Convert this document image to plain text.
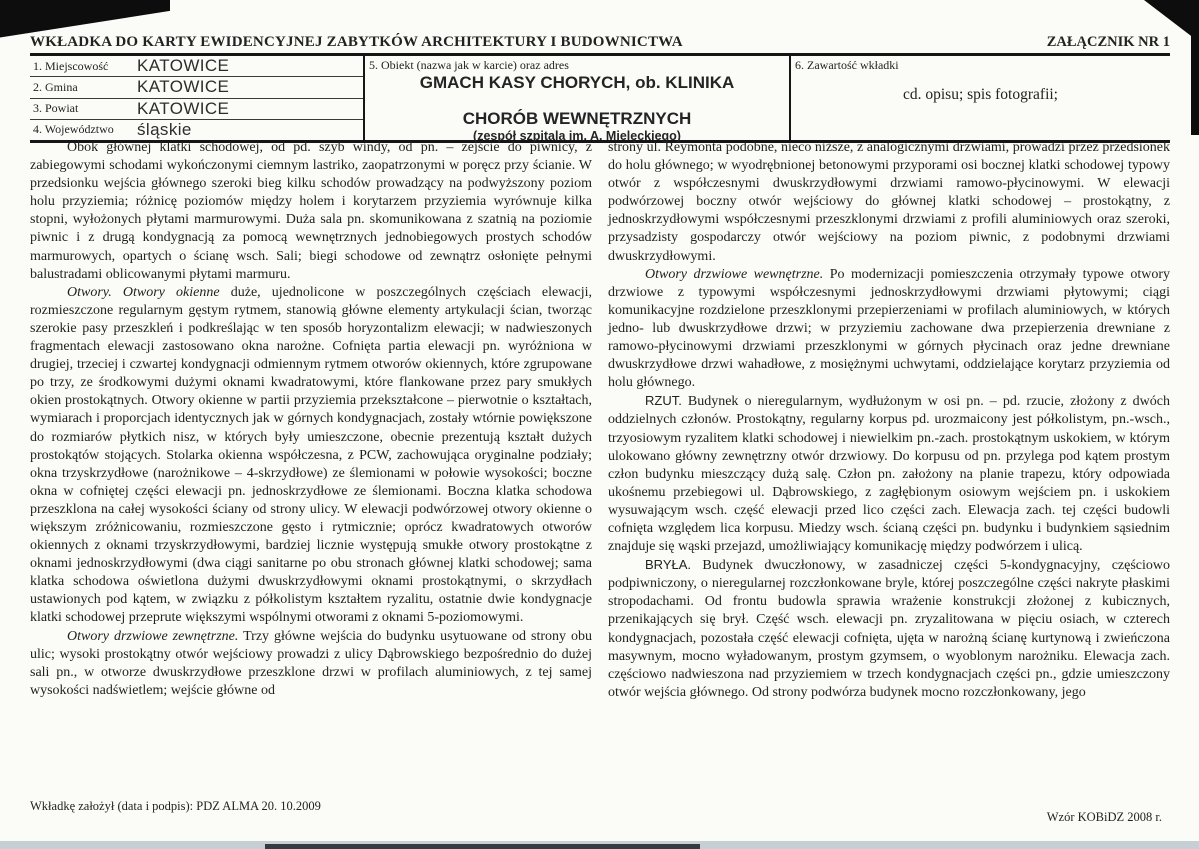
WKŁADKA DO KARTY EWIDENCYJNEJ ZABYTKÓW ARCHITEKTURY I BUDOWNICTWA	ZAŁĄCZNIK NR 1
1. Miejscowość	KATOWICE
2. Gmina	KATOWICE
3. Powiat	KATOWICE
4. Województwo	śląskie
5. Obiekt (nazwa jak w karcie) oraz adres
GMACH KASY CHORYCH, ob. KLINIKA
CHORÓB WEWNĘTRZNYCH
(zespół szpitala im. A. Mielęckiego)
6. Zawartość wkładki
cd. opisu; spis fotografii;

Obok głównej klatki schodowej, od pd. szyb windy, od pn. – zejście do piwnicy, z zabiegowymi schodami wykończonymi ciemnym lastriko, zaopatrzonymi w poręcz przy ścianie. W przedsionku wejścia głównego szeroki bieg kilku schodów prowadzący na podwyższony poziom holu przyziemia; różnicę poziomów między holem i korytarzem przyziemia wyrównuje kilka stopni, wyłożonych płytami marmurowymi. Duża sala pn. skomunikowana z szatnią na poziomie piwnic i z drugą kondygnacją za pomocą wewnętrznych jednobiegowych prostych schodów marmurowych, opartych o ścianę wsch. Sali; biegi schodowe od zewnątrz osłonięte pełnymi balustradami oblicowanymi płytami marmuru.

Otwory. Otwory okienne duże, ujednolicone w poszczególnych częściach elewacji, rozmieszczone regularnym gęstym rytmem, stanowią główne elementy artykulacji ścian, tworząc szerokie pasy przeszkleń i podkreślając w ten sposób horyzontalizm elewacji; w nadwieszonych fragmentach elewacji zastosowano okna narożne. Cofnięta partia elewacji pn. wyróżniona w drugiej, trzeciej i czwartej kondygnacji odmiennym rytmem otworów okiennych, które zgrupowane po trzy, ze środkowymi dużymi oknami kwadratowymi, które flankowane przez pary smukłych okien prostokątnych. Otwory okienne w partii przyziemia przekształcone – pierwotnie o kształtach, wymiarach i proporcjach identycznych jak w górnych kondygnacjach, zostały wtórnie powiększone do rozmiarów płytkich nisz, w których były umieszczone, obecnie prezentują kształt dużych prostokątów stojących. Stolarka okienna współczesna, z PCW, zachowująca oryginalne podziały; okna trzyskrzydłowe (narożnikowe – 4-skrzydłowe) ze ślemionami w połowie wysokości; boczne okna w cofniętej części elewacji pn. jednoskrzydłowe ze ślemionami. Boczna klatka schodowa przeszklona na całej wysokości ściany od strony ulicy. W elewacji podwórzowej otwory okienne o większym zróżnicowaniu, rozmieszczone gęsto i rytmicznie; oprócz kwadratowych otworów okiennych z oknami trzyskrzydłowymi, bardziej licznie występują smukłe otwory prostokątne z oknami jednoskrzydłowymi (dwa ciągi sanitarne po obu stronach głównej klatki schodowej; sama klatka schodowa oświetlona dużymi dwuskrzydłowymi oknami prostokątnymi, o skrzydłach ustawionych pod kątem, w związku z półkolistym kształtem ryzalitu, ostatnie dwie kondygnacje klatki schodowej przeprute większymi wspólnymi otworami z oknami 5-poziomowymi.

Otwory drzwiowe zewnętrzne. Trzy główne wejścia do budynku usytuowane od strony obu ulic; wysoki prostokątny otwór wejściowy prowadzi z ulicy Dąbrowskiego bezpośrednio do dużej sali pn., w otworze dwuskrzydłowe przeszklone drzwi w profilach aluminiowych, z tej samej wysokości nadświetlem; wejście główne od

strony ul. Reymonta podobne, nieco niższe, z analogicznymi drzwiami, prowadzi przez przedsionek do holu głównego; w wyodrębnionej betonowymi przyporami osi bocznej klatki schodowej typowy otwór z współczesnymi dwuskrzydłowymi drzwiami ramowo-płycinowymi. W elewacji podwórzowej boczny otwór wejściowy do głównej klatki schodowej – prostokątny, z jednoskrzydłowymi współczesnymi przeszklonymi drzwiami z profili aluminiowych oraz szeroki, przysadzisty gospodarczy otwór wejściowy na poziom piwnic, z podobnymi drzwiami dwuskrzydłowymi.

Otwory drzwiowe wewnętrzne. Po modernizacji pomieszczenia otrzymały typowe otwory drzwiowe z typowymi współczesnymi jednoskrzydłowymi drzwiami płytowymi; ciągi komunikacyjne rozdzielone przeszklonymi przepierzeniami w profilach aluminiowych, w których jedno- lub dwuskrzydłowe drzwi; w przyziemiu zachowane dwa przepierzenia drewniane z ramowo-płycinowymi drzwiami przeszklonymi w górnych płycinach oraz jedne drewniane dwuskrzydłowe drzwi wahadłowe, z mosiężnymi uchwytami, oddzielające korytarz przyziemia od holu głównego.

RZUT. Budynek o nieregularnym, wydłużonym w osi pn. – pd. rzucie, złożony z dwóch oddzielnych członów. Prostokątny, regularny korpus pd. urozmaicony jest półkolistym, pn.-wsch., trzyosiowym ryzalitem klatki schodowej i niewielkim pn.-zach. prostokątnym uskokiem, w którym ulokowano główny zewnętrzny otwór drzwiowy. Do korpusu od pn. przylega pod kątem prostym człon budynku mieszczący dużą salę. Człon pn. założony na planie trapezu, który odpowiada ukośnemu przebiegowi ul. Dąbrowskiego, z zagłębionym osiowym wejściem pn. i uskokiem wysuwającym wsch. część elewacji przed lico części zach. Elewacja zach. tej części budowli cofnięta względem lica korpusu. Miedzy wsch. ścianą części pn. budynku i budynkiem sąsiednim znajduje się wąski przejazd, umożliwiający komunikację między podwórzem i ulicą.

BRYŁA. Budynek dwuczłonowy, w zasadniczej części 5-kondygnacyjny, częściowo podpiwniczony, o nieregularnej rozczłonkowane bryle, której poszczególne części nakryte płaskimi stropodachami. Od frontu budowla sprawia wrażenie konstrukcji złożonej z kubicznych, przenikających się brył. Część wsch. elewacji pn. zryzalitowana w pięciu osiach, w czterech kondygnacjach, pozostała część elewacji cofnięta, ujęta w narożną ścianę kurtynową i zwieńczona masywnym, mocno wyładowanym, prostym gzymsem, o wyoblonym narożniku. Elewacja zach. częściowo nadwieszona nad przyziemiem w trzech kondygnacjach części pn., gdzie umieszczony otwór wejścia głównego. Od strony podwórza budynek mocno rozczłonkowany, jego

Wkładkę założył (data i podpis): PDZ ALMA 20. 10.2009
Wzór KOBiDZ 2008 r.
